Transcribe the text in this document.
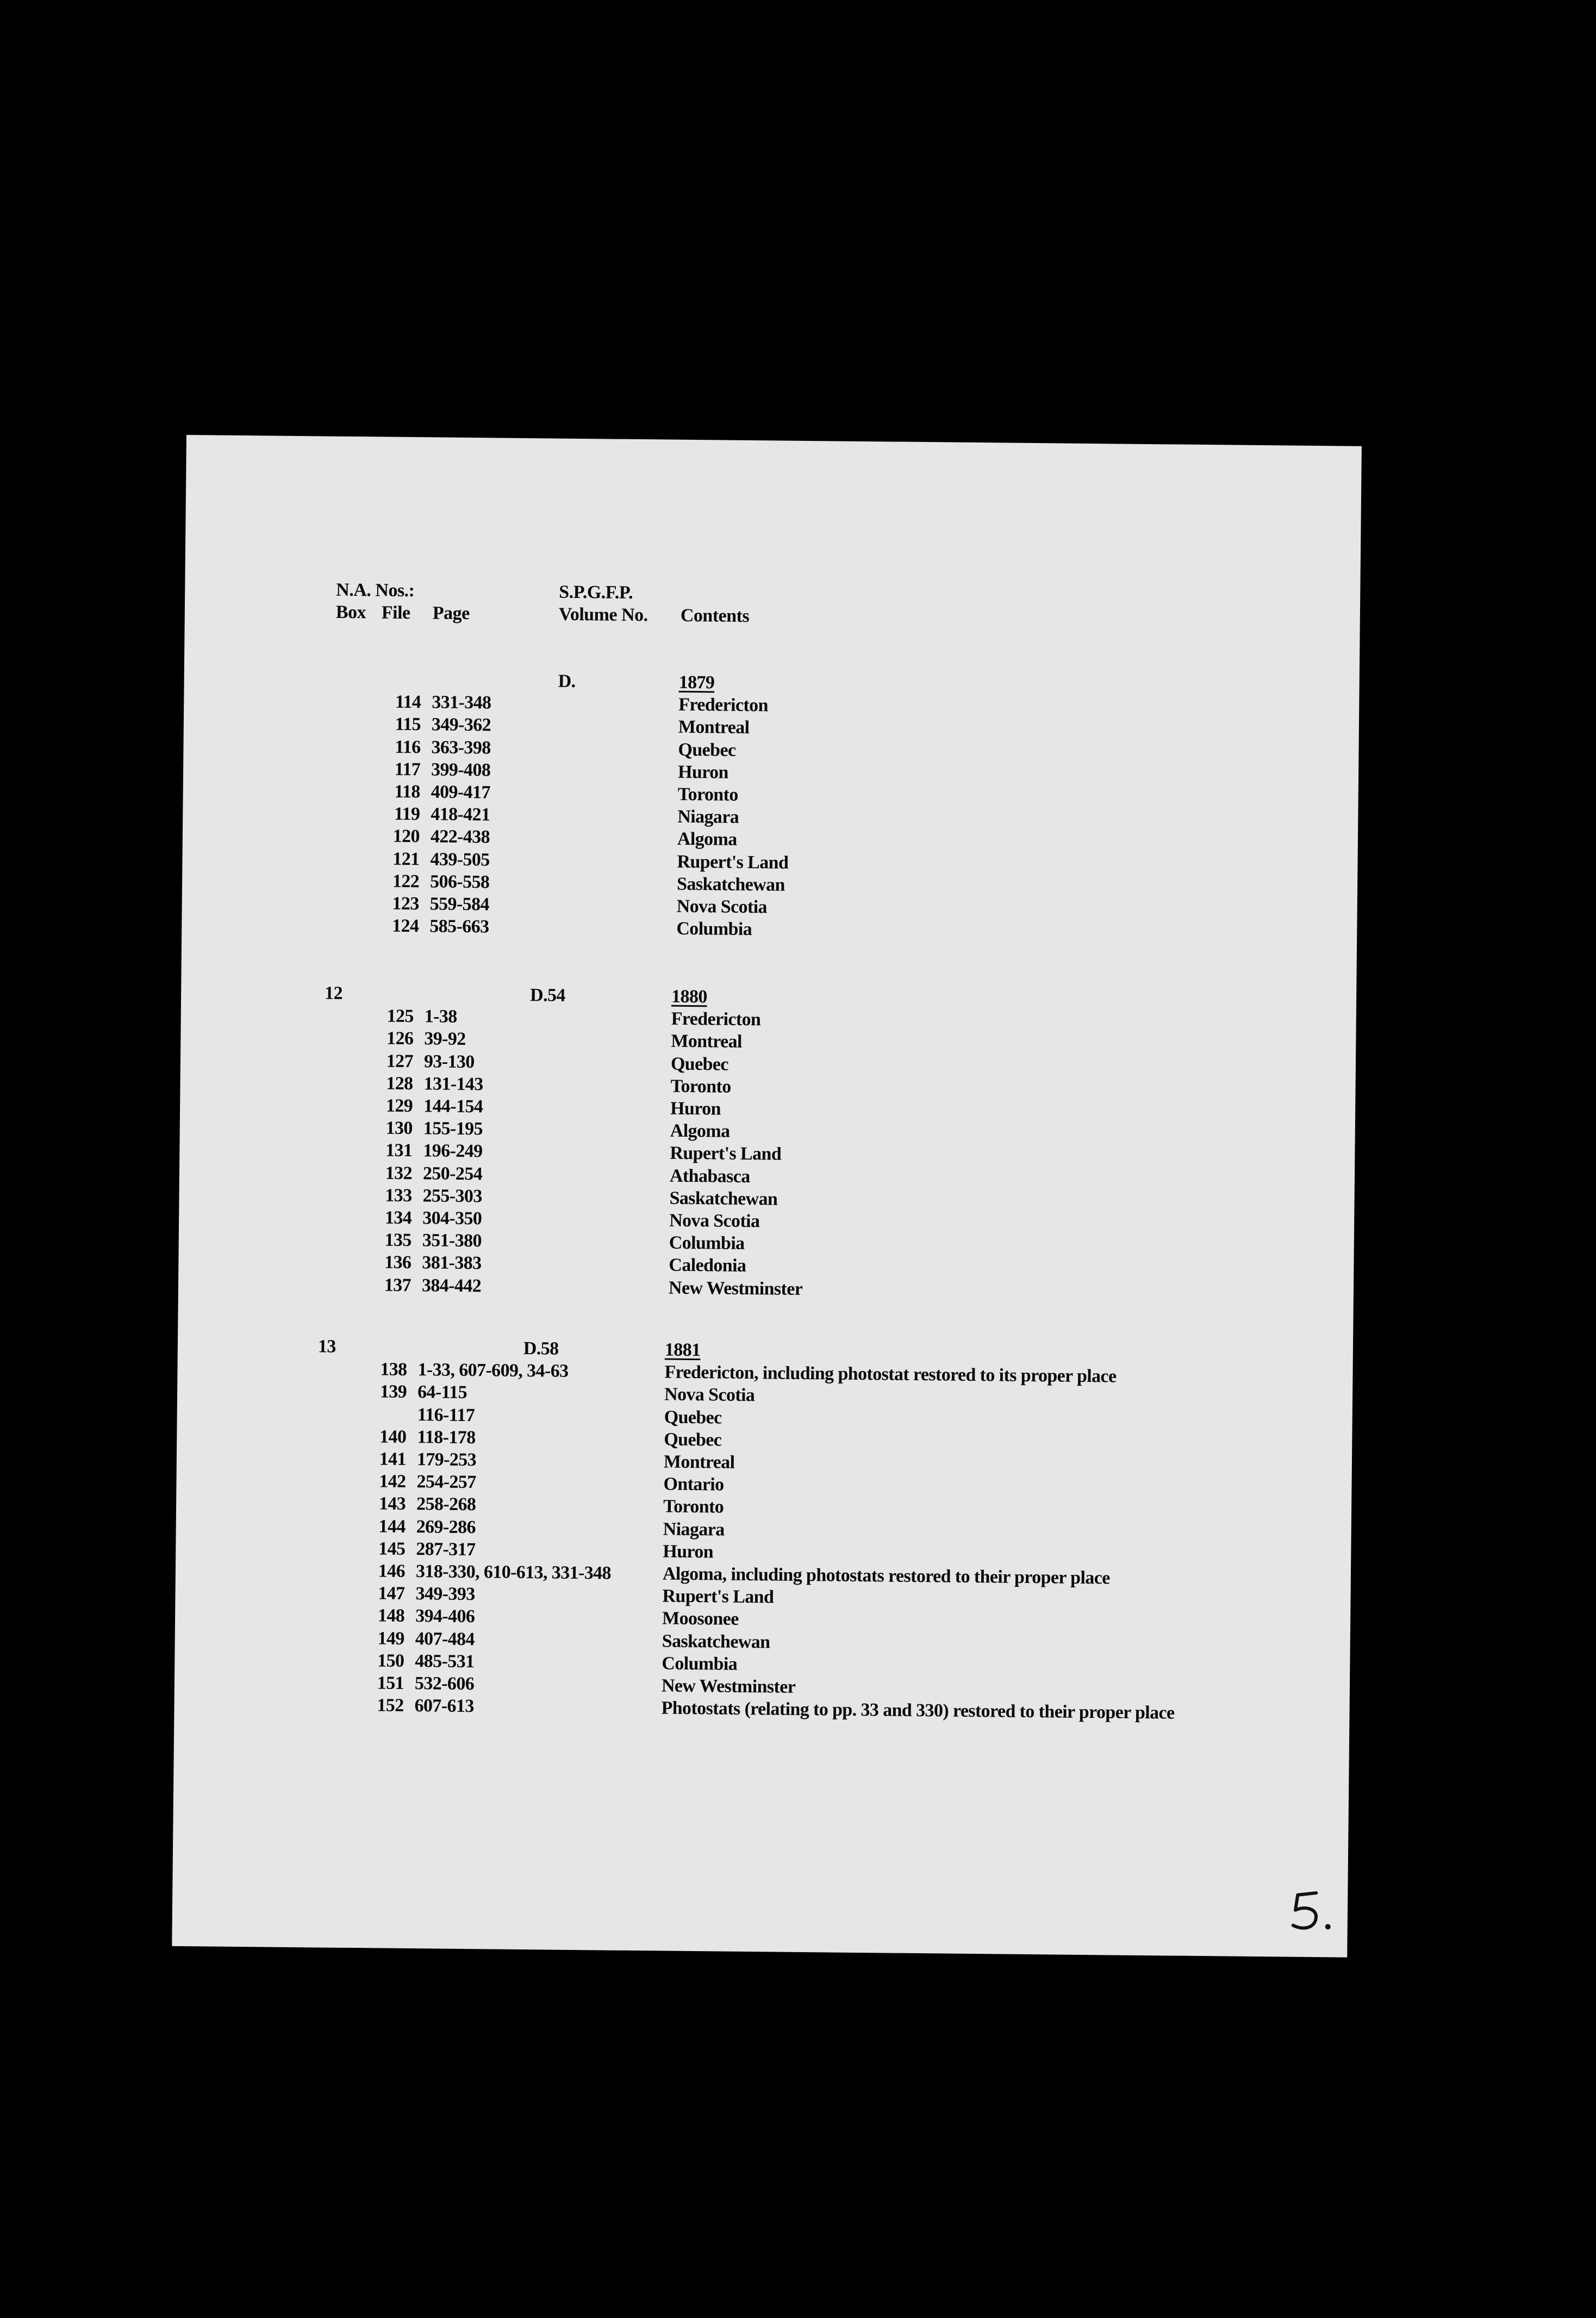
N.A. Nos.:
Box File Page
S.P.G.F.P.
Volume No. Contents
D.	1879
114 331-348	Fredericton
115 349-362	Montreal
116 363-398	Quebec
117 399-408	Huron
118 409-417	Toronto
119 418-421	Niagara
120 422-438	Algoma
121 439-505	Rupert's Land
122 506-558	Saskatchewan
123 559-584	Nova Scotia
124 585-663	Columbia
12	D.54	1880
125 1-38	Fredericton
126 39-92	Montreal
127 93-130	Quebec
128 131-143	Toronto
129 144-154	Huron
130 155-195	Algoma
131 196-249	Rupert's Land
132 250-254	Athabasca
133 255-303	Saskatchewan
134 304-350	Nova Scotia
135 351-380	Columbia
136 381-383	Caledonia
137 384-442	New Westminster
13	D.58	1881
138 1-33, 607-609, 34-63	Fredericton, including photostat restored to its proper place
139 64-115	Nova Scotia
116-117	Quebec
140 118-178	Quebec
141 179-253	Montreal
142 254-257	Ontario
143 258-268	Toronto
144 269-286	Niagara
145 287-317	Huron
146 318-330, 610-613, 331-348	Algoma, including photostats restored to their proper place
147 349-393	Rupert's Land
148 394-406	Moosonee
149 407-484	Saskatchewan
150 485-531	Columbia
151 532-606	New Westminster
152 607-613	Photostats (relating to pp. 33 and 330) restored to their proper place
